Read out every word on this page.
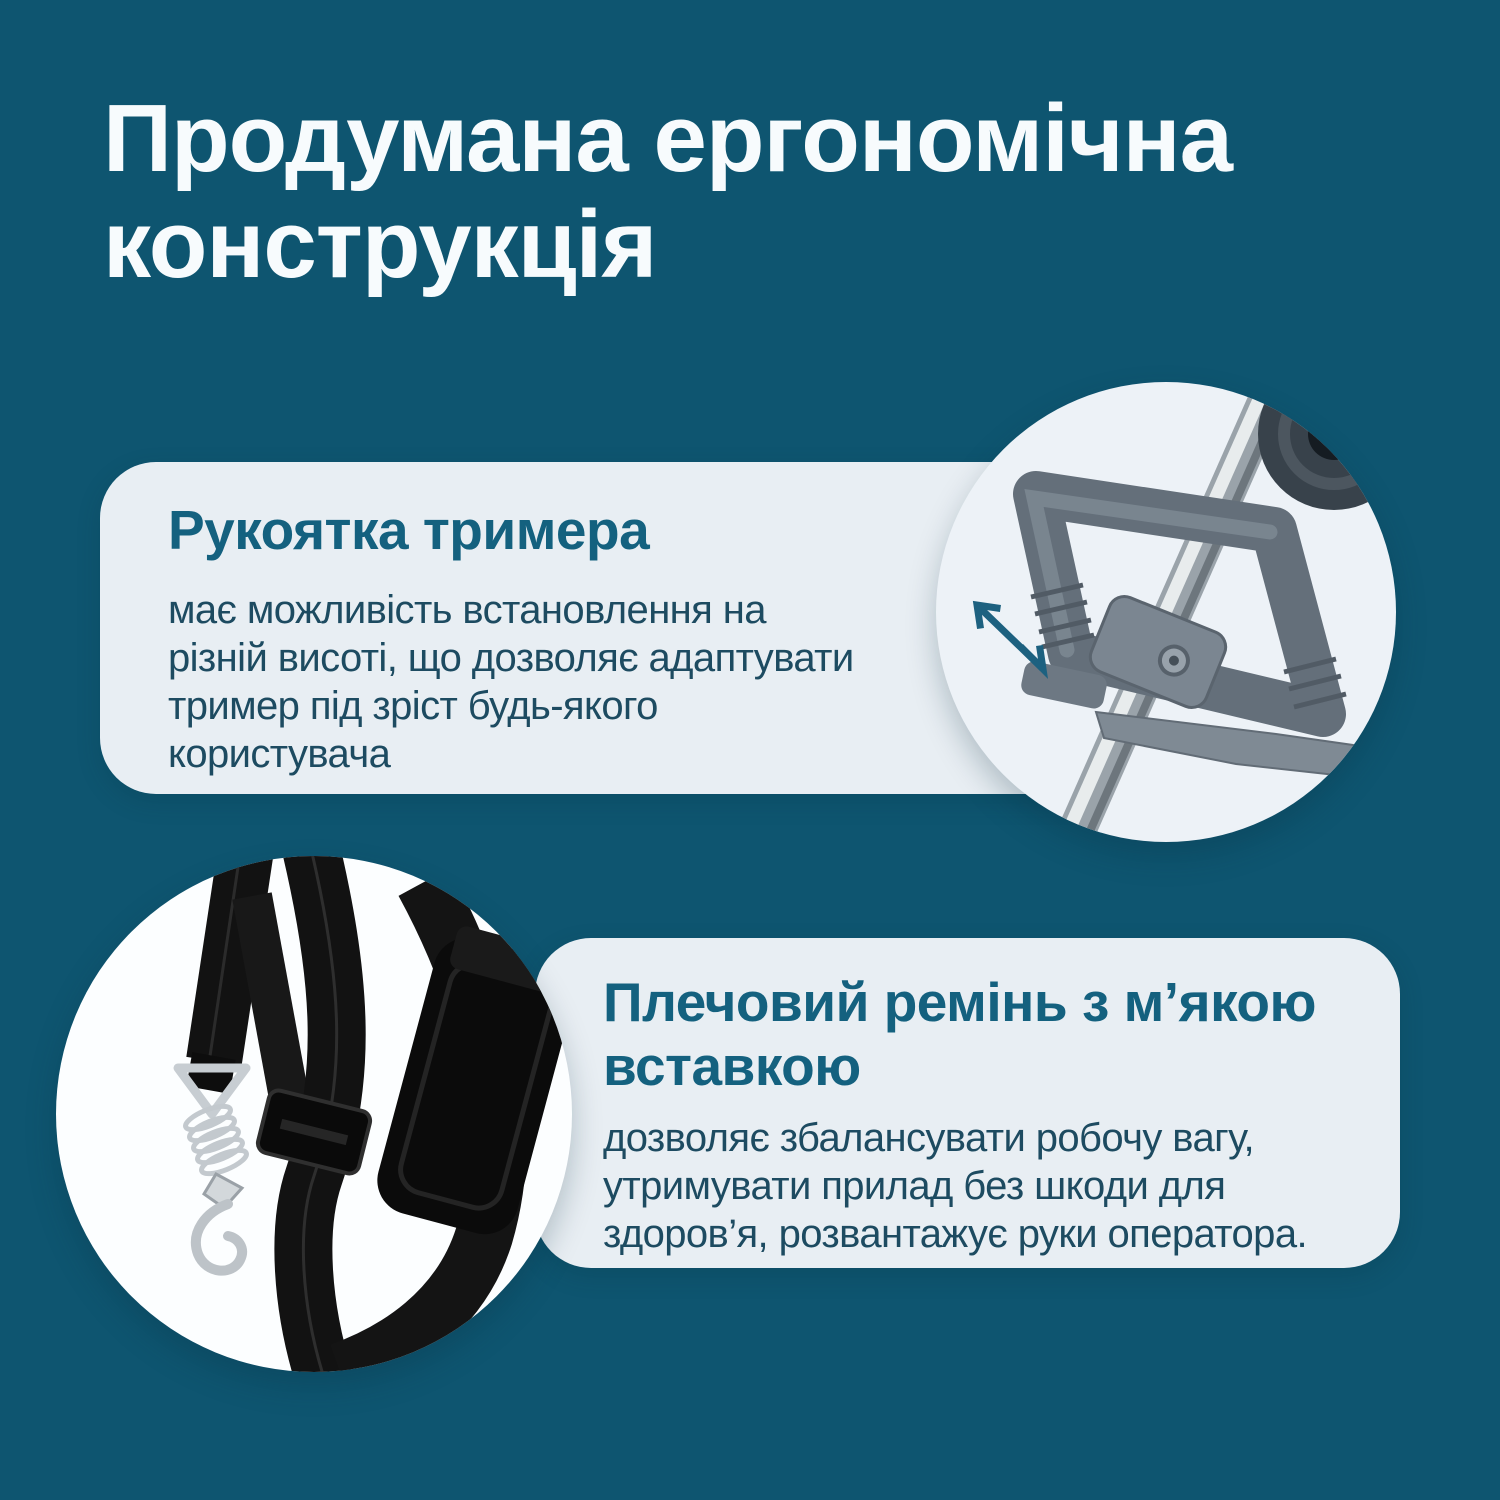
Продумана ергономічна
конструкція
Рукоятка тримера
має можливість встановлення на
різній висоті, що дозволяє адаптувати
тример під зріст будь-якого
користувача
Плечовий ремінь з м’якою
вставкою
дозволяє збалансувати робочу вагу,
утримувати прилад без шкоди для
здоров’я, розвантажує руки оператора.
